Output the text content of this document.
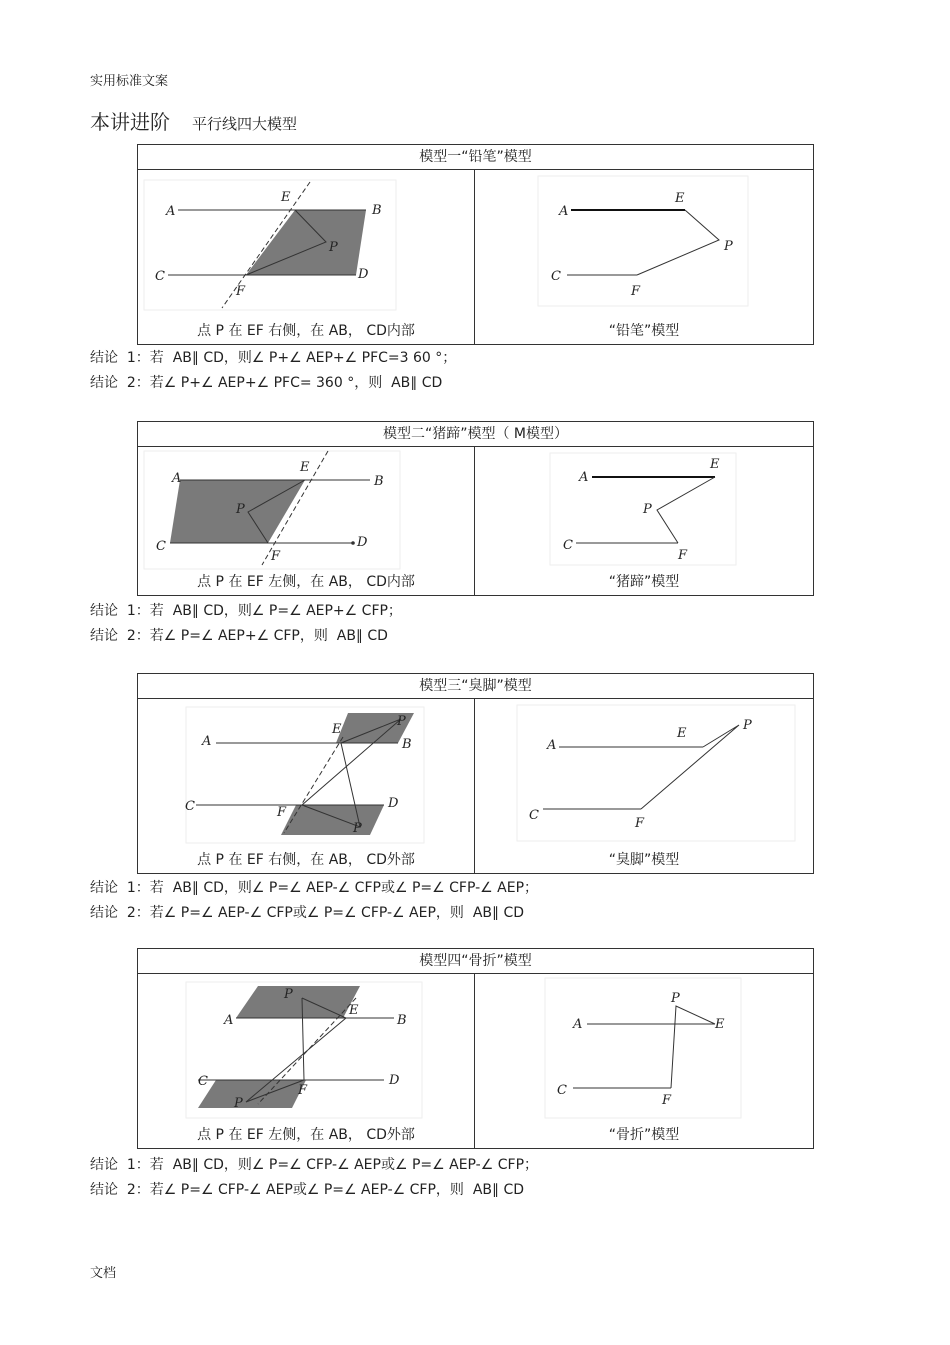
实用标准文案
本讲进阶 平行线四大模型
模型一“铅笔”模型
A	B
C	D
E
F
P
点 P 在 EF 右侧，在 AB， CD内部
A
E
P
C
F
“铅笔”模型
结论  1：若  AB∥ CD，则∠ P+∠ AEP+∠ PFC=3 60 °；
结论  2：若∠ P+∠ AEP+∠ PFC= 360 °，则  AB∥ CD
模型二“猪蹄”模型（ M模型）
A	B
C	D
E
F
P
点 P 在 EF 左侧，在 AB， CD内部
A
E
P
C
F
“猪蹄”模型
结论  1：若  AB∥ CD，则∠ P=∠ AEP+∠ CFP；
结论  2：若∠ P=∠ AEP+∠ CFP，则  AB∥ CD
模型三“臭脚”模型
A	B
C	D
E
F
P
P
点 P 在 EF 右侧，在 AB， CD外部
A
E
P
C
F
“臭脚”模型
结论  1：若  AB∥ CD，则∠ P=∠ AEP-∠ CFP或∠ P=∠ CFP-∠ AEP；
结论  2：若∠ P=∠ AEP-∠ CFP或∠ P=∠ CFP-∠ AEP，则  AB∥ CD
模型四“骨折”模型
A	B
C	D
E
F
P
P
点 P 在 EF 左侧，在 AB， CD外部
A
P
E
C
F
“骨折”模型
结论  1：若  AB∥ CD，则∠ P=∠ CFP-∠ AEP或∠ P=∠ AEP-∠ CFP；
结论  2：若∠ P=∠ CFP-∠ AEP或∠ P=∠ AEP-∠ CFP，则  AB∥ CD
文档
